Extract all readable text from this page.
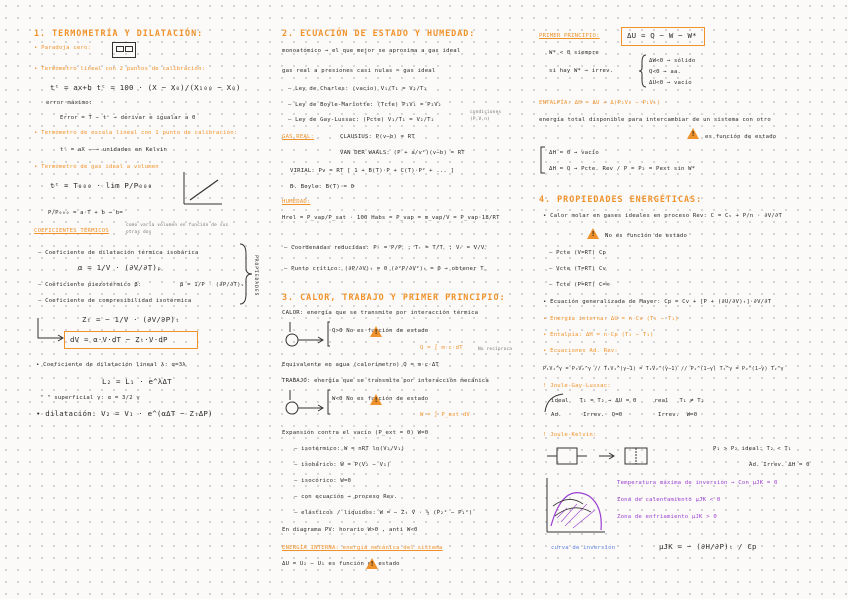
1. TERMOMETRÍA Y DILATACIÓN:
• Paradoja cero:
• Termómetro lineal con 2 puntos de calibración:
tᶜ = ax+b tᶜ = 100 · (X − X₀)/(X₁₀₀ − X₀)
error máximo:
Error = T − tᶜ → derivar e igualar a 0
• Termómetro de escala lineal con 1 punto de calibración:
tᶜ = aX ——→ unidades en Kelvin
• Termómetro de gas ideal a volumen
tᶜ = T₀₀₀ · lim P/P₀₀₀
P/P₀₀₀ = a·T + b → b=
COEFICIENTES TÉRMICOS
como varía volumen en función de sus otras dos
– Coeficiente de dilatación térmica isobárica
α = 1/V · (∂V/∂T)ₚ
– Coeficiente piezotérmico β:	β = 1/P · (∂P/∂T)ᵥ
– Coeficiente de compresibilidad isotérmica
PROPIEDADES
Zₜ = − 1/V · (∂V/∂P)ₜ
dV = α·V·dT − Zₜ·V·dP
• Coeficiente de dilatación lineal λ: α=3λ
L₂ = L₁ · e^λΔT
" " superficial γ: α = 3/2 γ
• dilatación: V₂ = V₁ · e^(αΔT − ZₜΔP)
2. ECUACIÓN DE ESTADO Y HUMEDAD:
monoatómico → el que mejor se aproxima a gas ideal
gas real a presiones casi nulas ≈ gas ideal
– Ley de Charles: (vacío) V₁/T₁ = V₂/T₂
– Ley de Boyle-Mariotte: (Tcte) P₁V₁ = P₂V₂
– Ley de Gay-Lussac: (Pcte) V₁/T₁ = V₂/T₂
condiciones (P,V,n)
GAS REAL:	CLAUSIUS: P(v−b) = RT
VAN DER WAALS: (P + a/v²)(v−b) = RT
VIRIAL: Pv = RT [ 1 + B(T)·P + C(T)·P² + ... ]
B. Boyle: B(T) = 0
HUMEDAD:
Hrel = P_vap/P_sat · 100 Habs = P_vap = m_vap/V = P_vap·18/RT
– Coordenadas reducidas: Pᵣ = P/P꜀ ; Tᵣ = T/T꜀ ; Vᵣ = V/V꜀
– Punto crítico: (∂P/∂V)ₜ = 0 (∂²P/∂V²)ₜ = 0 → obtener T꜀
3. CALOR, TRABAJO Y PRIMER PRINCIPIO:
CALOR: energía que se transmite por interacción térmica
Q>0 No es función de estado
!
Q = ∫ m·c·dT	No recíproca
Equivalente en agua (calorímetro) Q = m·c·ΔT
TRABAJO: energía que se transmite por interacción mecánica
W<0 No es función de estado
!
W = ∫ P_ext dV
Expansión contra el vacío (P_ext = 0) W=0
– isotérmico: W = nRT ln(V₂/V₁)
– isobárico: W = P(V₂ − V₁)
– isocórico: W=0
– con ecuación → proceso Rev.
– elásticos / líquidos: W = − Zₜ V · ½ (P₂² − P₁²)
En diagrama PV: horario W>0 , anti W<0
ENERGÍA INTERNA: energía mecánica del sistema
ΔU = U₂ − U₁ es función de estado
!
PRIMER PRINCIPIO:	ΔU = Q − W − W*
W* < 0 siempre
si hay W* → irrev.
ΔW<0 → sólido
Q<0 → aa.
ΔU<0 → vacío
ENTALPÍA: ΔH = ΔU + Δ(P₂V₂ − P₁V₁)
energía total disponible para intercambiar de un sistema con otro
!
es función de estado
ΔH = 0 → vacío
ΔH = Q → Pcte. Rev / P = P₂ = Pext sin W*
4. PROPIEDADES ENERGÉTICAS:
• Calor molar en gases ideales en proceso Rev: C = Cᵥ + P/n · ∂V/∂T
!
No es función de estado
– Pcte (V=RT) Cp
– Vcte (T=RT) Cv
– Tcte (P=RT) C=∞
• Ecuación generalizada de Mayer: Cp = Cv + [P + (∂U/∂V)ₜ]·∂V/∂T
• Energía interna: ΔU = n·Cv (T₂ − T₁)
• Entalpía: ΔH = n·Cp (T₂ − T₁)
• Ecuaciones Ad. Rev:
P₁V₁^γ = P₂V₂^γ // T₁V₁^(γ−1) = T₂V₂^(γ−1) // P₁^(1−γ) T₁^γ = P₂^(1−γ) T₂^γ
! Joule-Gay-Lussac:
ideal   T₁ = T₂ → ΔU = 0     real   T₁ ≠ T₂
Ad.      Irrev.  Q=0          Irrev.  W=0
! Joule-Kelvin:
P₁ > P₂ ideal: T₂ < T₁
Ad. Irrev. ΔH = 0
Temperatura máxima de inversión → Con μJK = 0
Zona de calentamiento μJK < 0
Zona de enfriamiento μJK > 0
curva de inversión	μJK = − (∂H/∂P)ₜ / Cp
